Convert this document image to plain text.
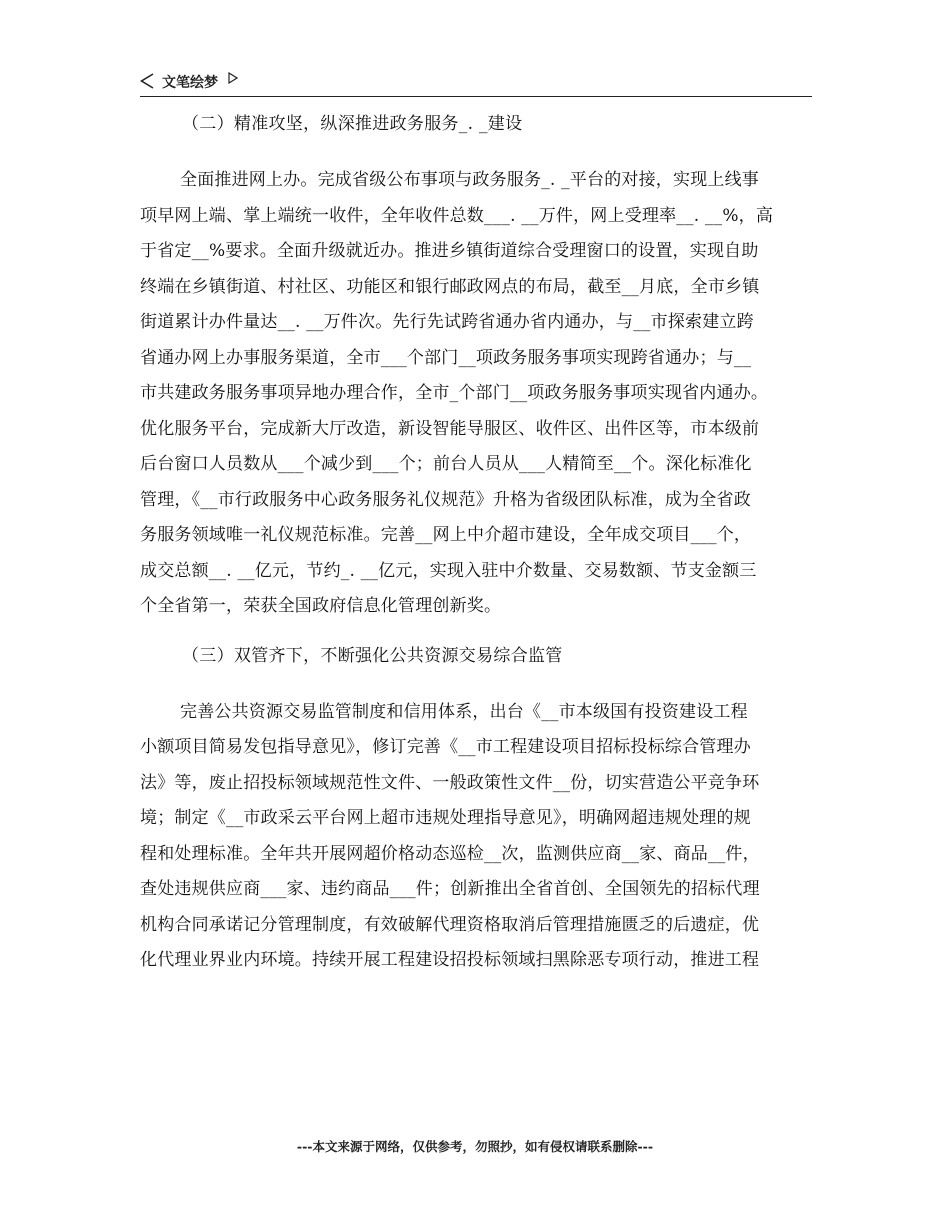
文笔绘梦

（二）精准攻坚，纵深推进政务服务_. _建设

全面推进网上办。完成省级公布事项与政务服务_. _平台的对接，实现上线事
项早网上端、掌上端统一收件，全年收件总数___. __万件，网上受理率__. __%，高
于省定__%要求。全面升级就近办。推进乡镇街道综合受理窗口的设置，实现自助
终端在乡镇街道、村社区、功能区和银行邮政网点的布局，截至__月底，全市乡镇
街道累计办件量达__. __万件次。先行先试跨省通办省内通办，与__市探索建立跨
省通办网上办事服务渠道，全市___个部门__项政务服务事项实现跨省通办；与__
市共建政务服务事项异地办理合作，全市_个部门__项政务服务事项实现省内通办。
优化服务平台，完成新大厅改造，新设智能导服区、收件区、出件区等，市本级前
后台窗口人员数从___个减少到___个；前台人员从___人精简至__个。深化标准化
管理，《__市行政服务中心政务服务礼仪规范》升格为省级团队标准，成为全省政
务服务领域唯一礼仪规范标准。完善__网上中介超市建设，全年成交项目___个，
成交总额__. __亿元，节约_. __亿元，实现入驻中介数量、交易数额、节支金额三
个全省第一，荣获全国政府信息化管理创新奖。

（三）双管齐下，不断强化公共资源交易综合监管

完善公共资源交易监管制度和信用体系，出台《__市本级国有投资建设工程
小额项目简易发包指导意见》，修订完善《__市工程建设项目招标投标综合管理办
法》等，废止招投标领域规范性文件、一般政策性文件__份，切实营造公平竞争环
境；制定《__市政采云平台网上超市违规处理指导意见》，明确网超违规处理的规
程和处理标准。全年共开展网超价格动态巡检__次，监测供应商__家、商品__件，
查处违规供应商___家、违约商品___件；创新推出全省首创、全国领先的招标代理
机构合同承诺记分管理制度，有效破解代理资格取消后管理措施匮乏的后遗症，优
化代理业界业内环境。持续开展工程建设招投标领域扫黑除恶专项行动，推进工程

---本文来源于网络，仅供参考，勿照抄，如有侵权请联系删除---
